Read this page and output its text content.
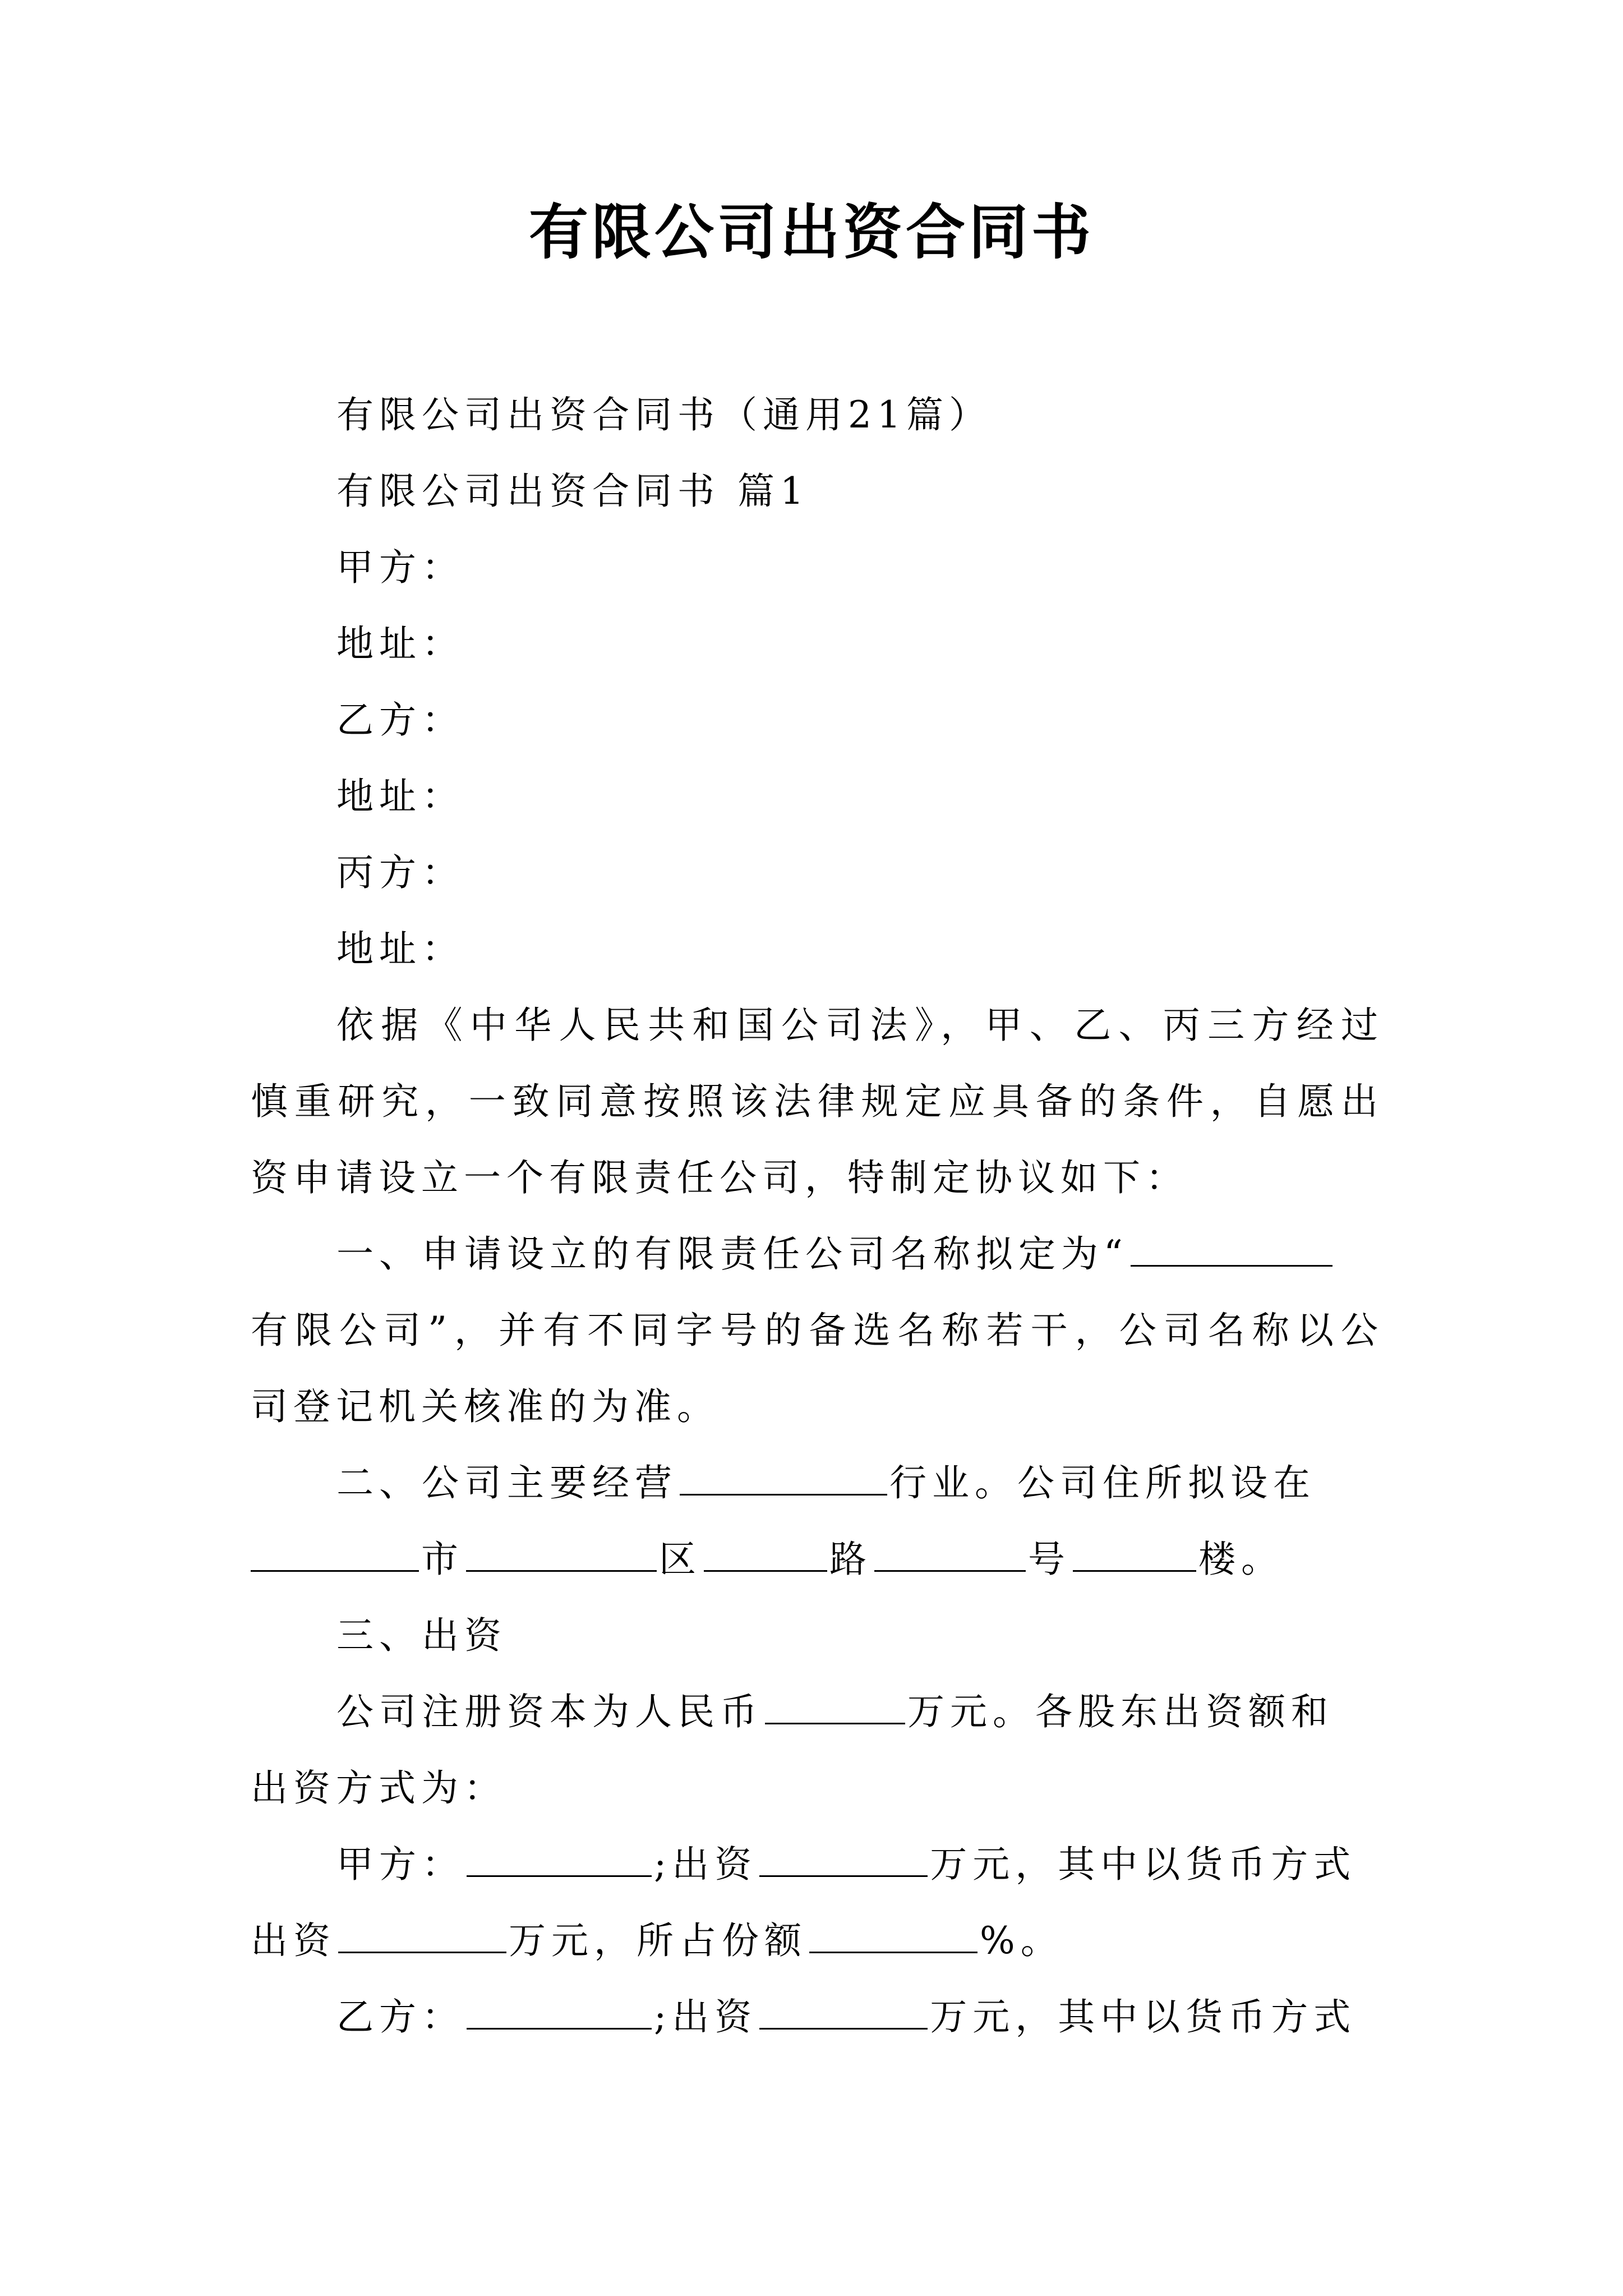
有限公司出资合同书
有限公司出资合同书（通用21篇）
有限公司出资合同书 篇1
甲方：
地址：
乙方：
地址：
丙方：
地址：
依据《中华人民共和国公司法》，甲、乙、丙三方经过
慎重研究，一致同意按照该法律规定应具备的条件，自愿出
资申请设立一个有限责任公司，特制定协议如下：
一、申请设立的有限责任公司名称拟定为“
有限公司”，并有不同字号的备选名称若干，公司名称以公
司登记机关核准的为准。
二、公司主要经营	行业。公司住所拟设在
市	区	路	号	楼。
三、出资
公司注册资本为人民币	万元。各股东出资额和
出资方式为：
甲方：	;出资	万元，其中以货币方式
出资	万元，所占份额	%。
乙方：	;出资	万元，其中以货币方式
